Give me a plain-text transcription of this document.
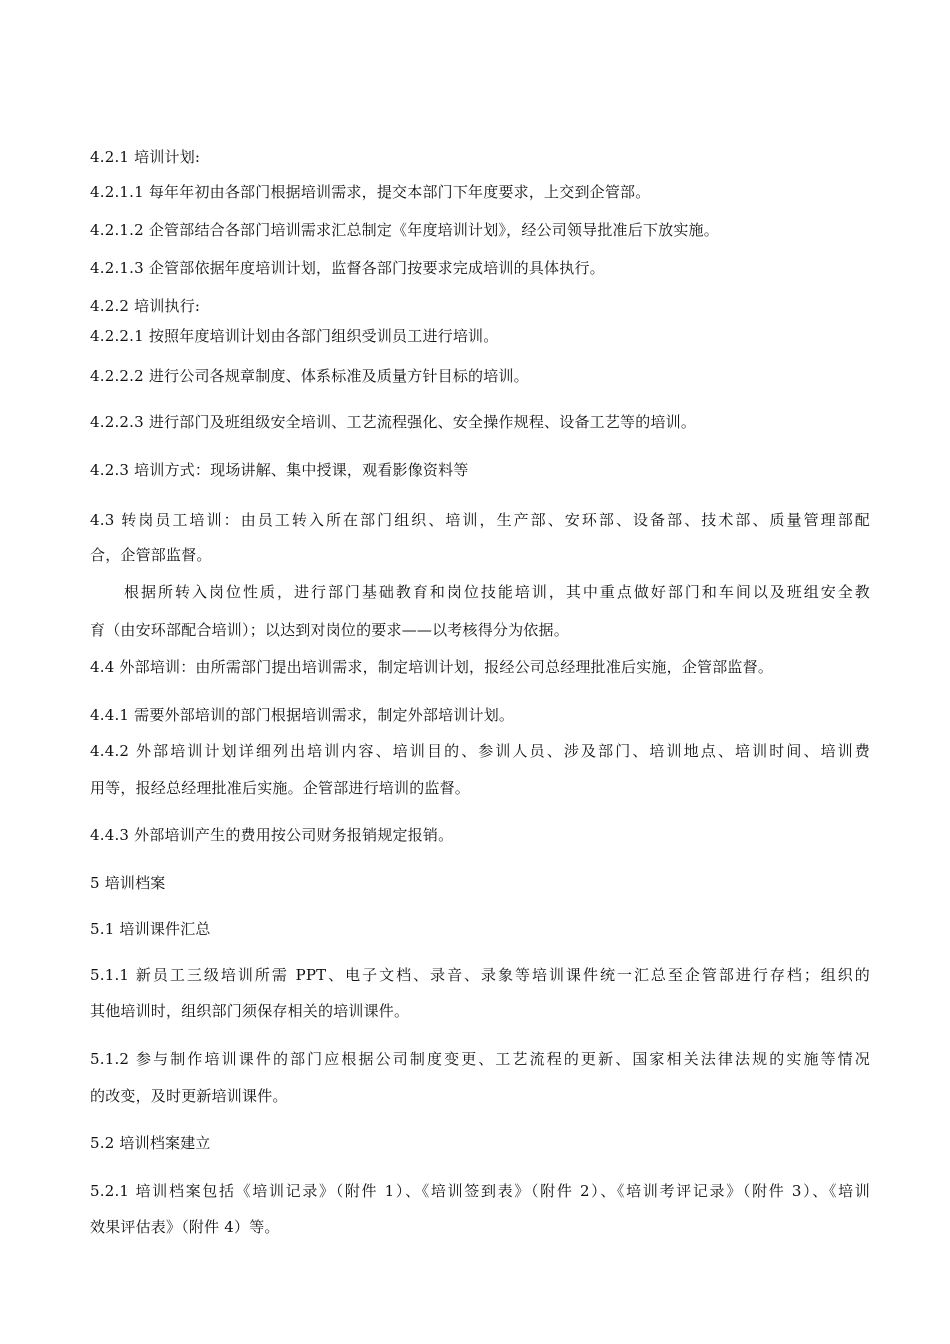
4.2.1 培训计划:
4.2.1.1 每年年初由各部门根据培训需求，提交本部门下年度要求，上交到企管部。
4.2.1.2 企管部结合各部门培训需求汇总制定《年度培训计划》，经公司领导批准后下放实施。
4.2.1.3 企管部依据年度培训计划，监督各部门按要求完成培训的具体执行。
4.2.2 培训执行:
4.2.2.1 按照年度培训计划由各部门组织受训员工进行培训。
4.2.2.2 进行公司各规章制度、体系标准及质量方针目标的培训。
4.2.2.3 进行部门及班组级安全培训、工艺流程强化、安全操作规程、设备工艺等的培训。
4.2.3 培训方式：现场讲解、集中授课，观看影像资料等
4.3 转岗员工培训：由员工转入所在部门组织、培训，生产部、安环部、设备部、技术部、质量管理部配
合，企管部监督。
根据所转入岗位性质，进行部门基础教育和岗位技能培训，其中重点做好部门和车间以及班组安全教
育（由安环部配合培训）；以达到对岗位的要求——以考核得分为依据。
4.4 外部培训：由所需部门提出培训需求，制定培训计划，报经公司总经理批准后实施，企管部监督。
4.4.1 需要外部培训的部门根据培训需求，制定外部培训计划。
4.4.2 外部培训计划详细列出培训内容、培训目的、参训人员、涉及部门、培训地点、培训时间、培训费
用等，报经总经理批准后实施。企管部进行培训的监督。
4.4.3 外部培训产生的费用按公司财务报销规定报销。
5 培训档案
5.1 培训课件汇总
5.1.1 新员工三级培训所需 PPT、电子文档、录音、录象等培训课件统一汇总至企管部进行存档；组织的
其他培训时，组织部门须保存相关的培训课件。
5.1.2 参与制作培训课件的部门应根据公司制度变更、工艺流程的更新、国家相关法律法规的实施等情况
的改变，及时更新培训课件。
5.2 培训档案建立
5.2.1 培训档案包括《培训记录》（附件 1）、《培训签到表》（附件 2）、《培训考评记录》（附件 3）、《培训
效果评估表》（附件 4）等。
